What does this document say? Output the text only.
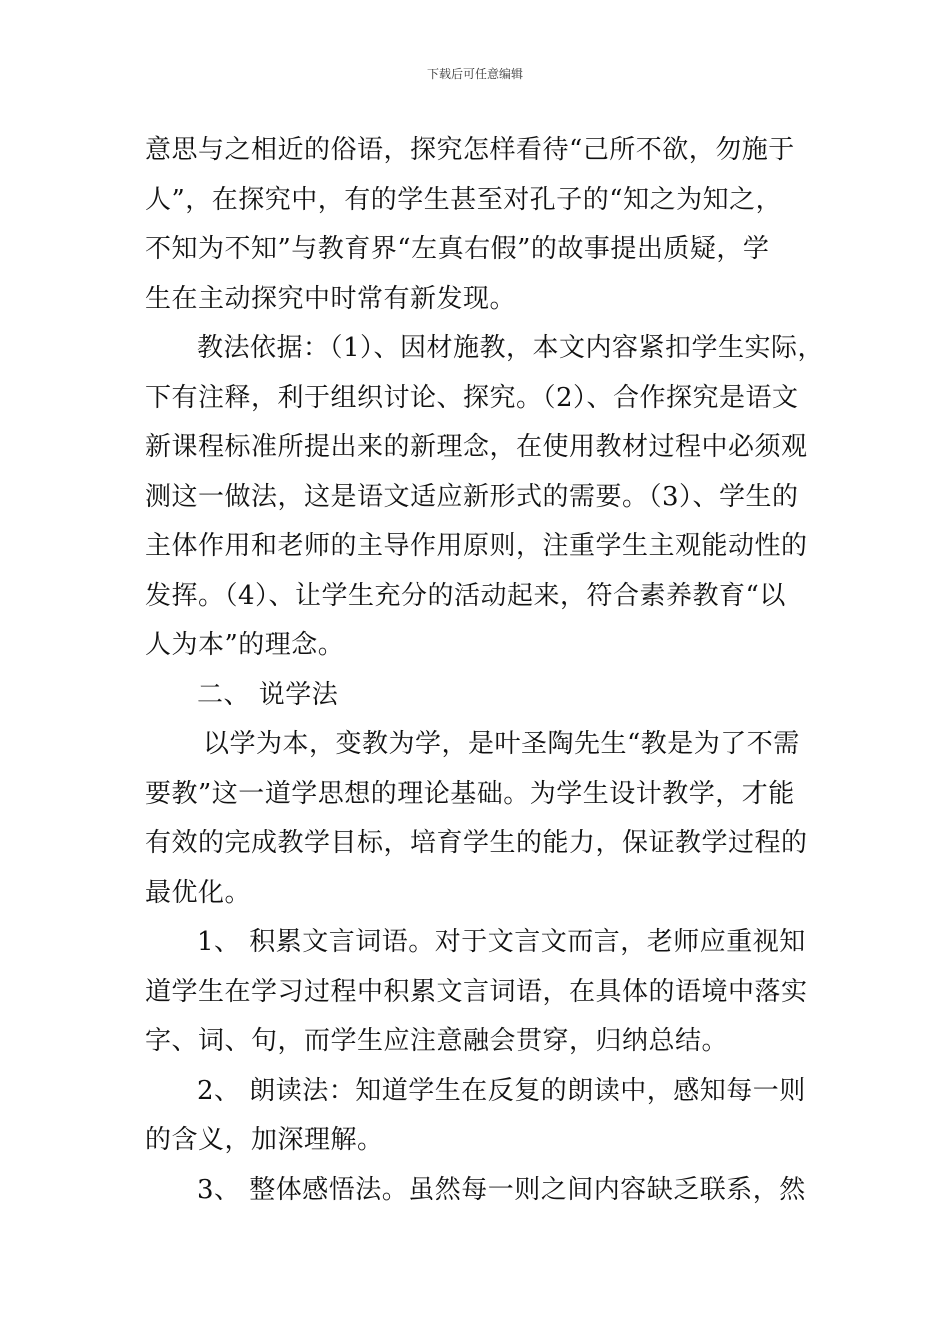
下载后可任意编辑
意思与之相近的俗语，探究怎样看待“己所不欲，勿施于
人”，在探究中，有的学生甚至对孔子的“知之为知之，
不知为不知”与教育界“左真右假”的故事提出质疑，学
生在主动探究中时常有新发现。
教法依据：（1）、因材施教，本文内容紧扣学生实际，
下有注释，利于组织讨论、探究。（2）、合作探究是语文
新课程标准所提出来的新理念，在使用教材过程中必须观
测这一做法，这是语文适应新形式的需要。（3）、学生的
主体作用和老师的主导作用原则，注重学生主观能动性的
发挥。（4）、让学生充分的活动起来，符合素养教育“以
人为本”的理念。
二、 说学法
以学为本，变教为学，是叶圣陶先生“教是为了不需
要教”这一道学思想的理论基础。为学生设计教学，才能
有效的完成教学目标，培育学生的能力，保证教学过程的
最优化。
1、 积累文言词语。对于文言文而言，老师应重视知
道学生在学习过程中积累文言词语，在具体的语境中落实
字、词、句，而学生应注意融会贯穿，归纳总结。
2、 朗读法：知道学生在反复的朗读中，感知每一则
的含义，加深理解。
3、 整体感悟法。虽然每一则之间内容缺乏联系，然
